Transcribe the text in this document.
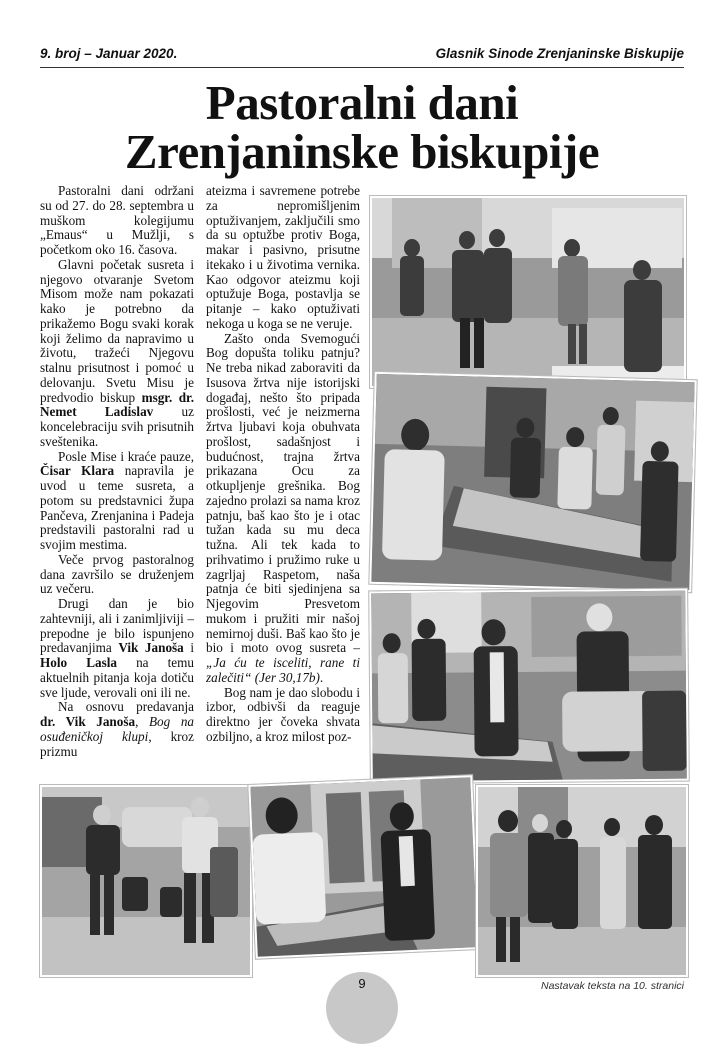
9. broj – Januar 2020.	Glasnik Sinode Zrenjaninske Biskupije
Pastoralni dani
Zrenjaninske biskupije

Pastoralni dani održani su od 27. do 28. septembra u muškom kolegijumu „Emaus“ u Mužlji, s početkom oko 16. časova.

Glavni početak susreta i njegovo otvaranje Svetom Misom može nam pokazati kako je potrebno da prikažemo Bogu svaki korak koji želimo da napravimo u životu, tražeći Njegovu stalnu prisutnost i pomoć u delovanju. Svetu Misu je predvodio biskup msgr. dr. Nemet Ladislav uz koncelebraciju svih prisutnih sveštenika.

Posle Mise i kraće pauze, Čisar Klara napravila je uvod u teme susreta, a potom su predstavnici župa Pančeva, Zrenjanina i Padeja predstavili pastoralni rad u svojim mestima.

Veče prvog pastoralnog dana završilo se druženjem uz večeru.

Drugi dan je bio zahtevniji, ali i zanimljiviji – prepodne je bilo ispunjeno predavanjima Vik Janoša i Holo Lasla na temu aktuelnih pitanja koja dotiču sve ljude, verovali oni ili ne.

Na osnovu predavanja dr. Vik Janoša, Bog na osuđeničkoj klupi, kroz prizmu

ateizma i savremene potrebe za nepromišljenim optuživanjem, zaključili smo da su optužbe protiv Boga, makar i pasivno, prisutne itekako i u životima vernika. Kao odgovor ateizmu koji optužuje Boga, postavlja se pitanje – kako optuživati nekoga u koga se ne veruje.

Zašto onda Svemogući Bog dopušta toliku patnju? Ne treba nikad zaboraviti da Isusova žrtva nije istorijski događaj, nešto što pripada prošlosti, već je neizmerna žrtva ljubavi koja obuhvata prošlost, sadašnjost i budućnost, trajna žrtva prikazana Ocu za otkupljenje grešnika. Bog zajedno prolazi sa nama kroz patnju, baš kao što je i otac tužan kada su mu deca tužna. Ali tek kada to prihvatimo i pružimo ruke u zagrljaj Raspetom, naša patnja će biti sjedinjena sa Njegovim Presvetom mukom i pružiti mir našoj nemirnoj duši. Baš kao što je bio i moto ovog susreta – „Ja ću te isceliti, rane ti zalečiti“ (Jer 30,17b).

Bog nam je dao slobodu i izbor, odbivši da reaguje direktno jer čoveka shvata ozbiljno, a kroz milost poz-

9	Nastavak teksta na 10. stranici
